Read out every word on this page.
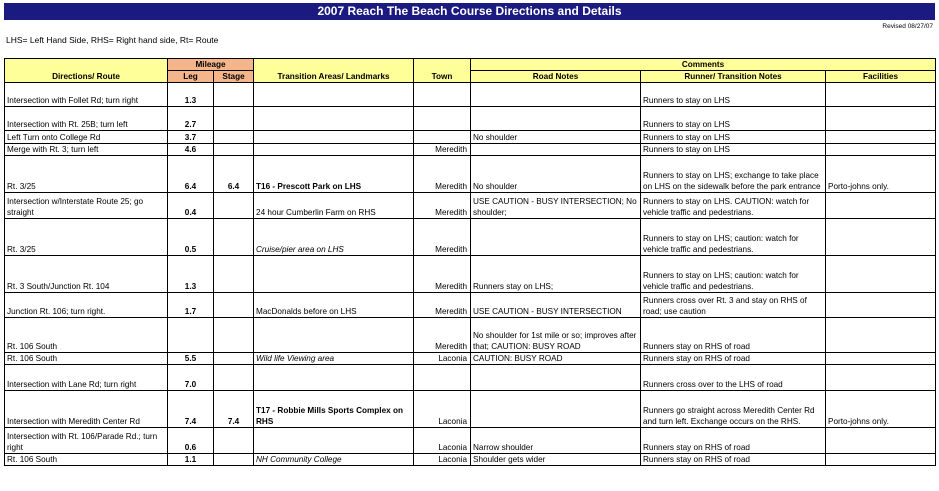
2007 Reach The Beach Course Directions and Details
Revised 08/27/07
LHS= Left Hand Side, RHS= Right hand side, Rt= Route
Directions/ Route	Mileage		Transition Areas/ Landmarks	Town	Comments		
	Leg	Stage			Road Notes	Runner/ Transition Notes	Facilities
Intersection with Follet Rd; turn right	1.3					Runners to stay on LHS	
Intersection with Rt. 25B; turn left	2.7					Runners to stay on LHS	
Left Turn onto College Rd	3.7				No shoulder	Runners to stay on LHS	
Merge with Rt. 3; turn left	4.6			Meredith		Runners to stay on LHS	
Rt. 3/25	6.4	6.4	T16 - Prescott Park on LHS	Meredith	No shoulder	Runners to stay on LHS; exchange to take place on LHS on the sidewalk before the park entrance	Porto-johns only.
Intersection w/Interstate Route 25; go straight	0.4		24 hour Cumberlin Farm on RHS	Meredith	USE CAUTION - BUSY INTERSECTION; No shoulder;	Runners to stay on LHS. CAUTION: watch for vehicle traffic and pedestrians.	
Rt. 3/25	0.5		Cruise/pier area on LHS	Meredith		Runners to stay on LHS; caution: watch for vehicle traffic and pedestrians.	
Rt. 3 South/Junction Rt. 104	1.3			Meredith	Runners stay on LHS;	Runners to stay on LHS; caution: watch for vehicle traffic and pedestrians.	
Junction Rt. 106; turn right.	1.7		MacDonalds before on LHS	Meredith	USE CAUTION - BUSY INTERSECTION	Runners cross over Rt. 3 and stay on RHS of road; use caution	
Rt. 106 South				Meredith	No shoulder for 1st mile or so; improves after that; CAUTION: BUSY ROAD	Runners stay on RHS of road	
Rt. 106 South	5.5		Wild life Viewing area	Laconia	CAUTION: BUSY ROAD	Runners stay on RHS of road	
Intersection with Lane Rd; turn right	7.0					Runners cross over to the LHS of road	
Intersection with Meredith Center Rd	7.4	7.4	T17 - Robbie Mills Sports Complex on RHS	Laconia		Runners go straight across Meredith Center Rd and turn left. Exchange occurs on the RHS.	Porto-johns only.
Intersection with Rt. 106/Parade Rd.; turn right	0.6			Laconia	Narrow shoulder	Runners stay on RHS of road	
Rt. 106 South	1.1		NH Community College	Laconia	Shoulder gets wider	Runners stay on RHS of road	
